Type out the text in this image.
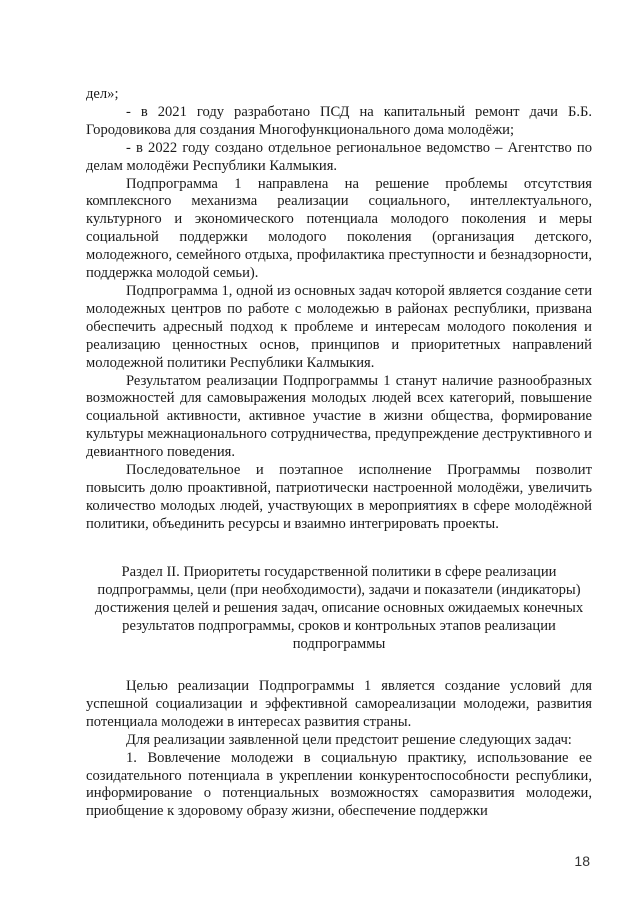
дел»;

- в 2021 году разработано ПСД на капитальный ремонт дачи Б.Б. Городовикова для создания Многофункционального дома молодёжи;

- в 2022 году создано отдельное региональное ведомство – Агентство по делам молодёжи Республики Калмыкия.

Подпрограмма 1 направлена на решение проблемы отсутствия комплексного механизма реализации социального, интеллектуального, культурного и экономического потенциала молодого поколения и меры социальной поддержки молодого поколения (организация детского, молодежного, семейного отдыха, профилактика преступности и безнадзорности, поддержка молодой семьи).

Подпрограмма 1, одной из основных задач которой является создание сети молодежных центров по работе с молодежью в районах республики, призвана обеспечить адресный подход к проблеме и интересам молодого поколения и реализацию ценностных основ, принципов и приоритетных направлений молодежной политики Республики Калмыкия.

Результатом реализации Подпрограммы 1 станут наличие разнообразных возможностей для самовыражения молодых людей всех категорий, повышение социальной активности, активное участие в жизни общества, формирование культуры межнационального сотрудничества, предупреждение деструктивного и девиантного поведения.

Последовательное и поэтапное исполнение Программы позволит повысить долю проактивной, патриотически настроенной молодёжи, увеличить количество молодых людей, участвующих в мероприятиях в сфере молодёжной политики, объединить ресурсы и взаимно интегрировать проекты.

Раздел II. Приоритеты государственной политики в сфере реализации подпрограммы, цели (при необходимости), задачи и показатели (индикаторы) достижения целей и решения задач, описание основных ожидаемых конечных результатов подпрограммы, сроков и контрольных этапов реализации подпрограммы

Целью реализации Подпрограммы 1 является создание условий для успешной социализации и эффективной самореализации молодежи, развития потенциала молодежи в интересах развития страны.

Для реализации заявленной цели предстоит решение следующих задач:

1. Вовлечение молодежи в социальную практику, использование ее созидательного потенциала в укреплении конкурентоспособности республики, информирование о потенциальных возможностях саморазвития молодежи, приобщение к здоровому образу жизни, обеспечение поддержки

18
